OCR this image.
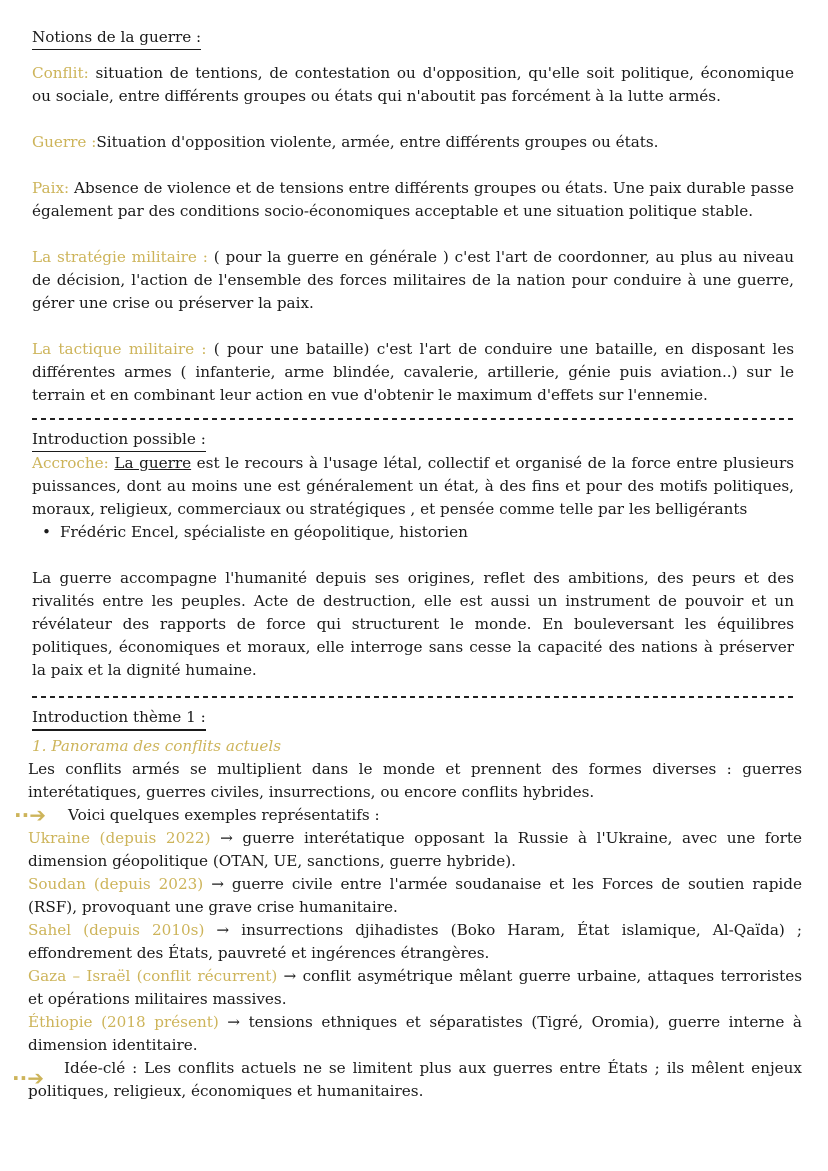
Notions de la guerre :

Conflit: situation de tentions, de contestation ou d'opposition, qu'elle soit politique, économique ou sociale, entre différents groupes ou états qui n'aboutit pas forcément à la lutte armés.

Guerre :Situation d'opposition violente, armée, entre différents groupes ou états.

Paix: Absence de violence et de tensions entre différents groupes ou états. Une paix durable passe également par des conditions socio-économiques acceptable et une situation politique stable.

La stratégie militaire : ( pour la guerre en générale ) c'est l'art de coordonner, au plus au niveau de décision, l'action de l'ensemble des forces militaires de la nation pour conduire à une guerre, gérer une crise ou préserver la paix.

La tactique militaire : ( pour une bataille) c'est l'art de conduire une bataille, en disposant les différentes armes ( infanterie, arme blindée, cavalerie, artillerie, génie puis aviation..) sur le terrain et en combinant leur action en vue d'obtenir le maximum d'effets sur l'ennemie.

Introduction possible :

Accroche: La guerre est le recours à l'usage létal, collectif et organisé de la force entre plusieurs puissances, dont au moins une est généralement un état, à des fins et pour des motifs politiques, moraux, religieux, commerciaux ou stratégiques , et pensée comme telle par les belligérants

• Frédéric Encel, spécialiste en géopolitique, historien

La guerre accompagne l'humanité depuis ses origines, reflet des ambitions, des peurs et des rivalités entre les peuples. Acte de destruction, elle est aussi un instrument de pouvoir et un révélateur des rapports de force qui structurent le monde. En bouleversant les équilibres politiques, économiques et moraux, elle interroge sans cesse la capacité des nations à préserver la paix et la dignité humaine.

Introduction thème 1 :

1. Panorama des conflits actuels

Les conflits armés se multiplient dans le monde et prennent des formes diverses : guerres interétatiques, guerres civiles, insurrections, ou encore conflits hybrides.

··➔ Voici quelques exemples représentatifs :

Ukraine (depuis 2022) → guerre interétatique opposant la Russie à l'Ukraine, avec une forte dimension géopolitique (OTAN, UE, sanctions, guerre hybride).

Soudan (depuis 2023) → guerre civile entre l'armée soudanaise et les Forces de soutien rapide (RSF), provoquant une grave crise humanitaire.

Sahel (depuis 2010s) → insurrections djihadistes (Boko Haram, État islamique, Al-Qaïda) ; effondrement des États, pauvreté et ingérences étrangères.

Gaza – Israël (conflit récurrent) → conflit asymétrique mêlant guerre urbaine, attaques terroristes et opérations militaires massives.

Éthiopie (2018 présent) → tensions ethniques et séparatistes (Tigré, Oromia), guerre interne à dimension identitaire.

··➔ Idée-clé : Les conflits actuels ne se limitent plus aux guerres entre États ; ils mêlent enjeux politiques, religieux, économiques et humanitaires.
